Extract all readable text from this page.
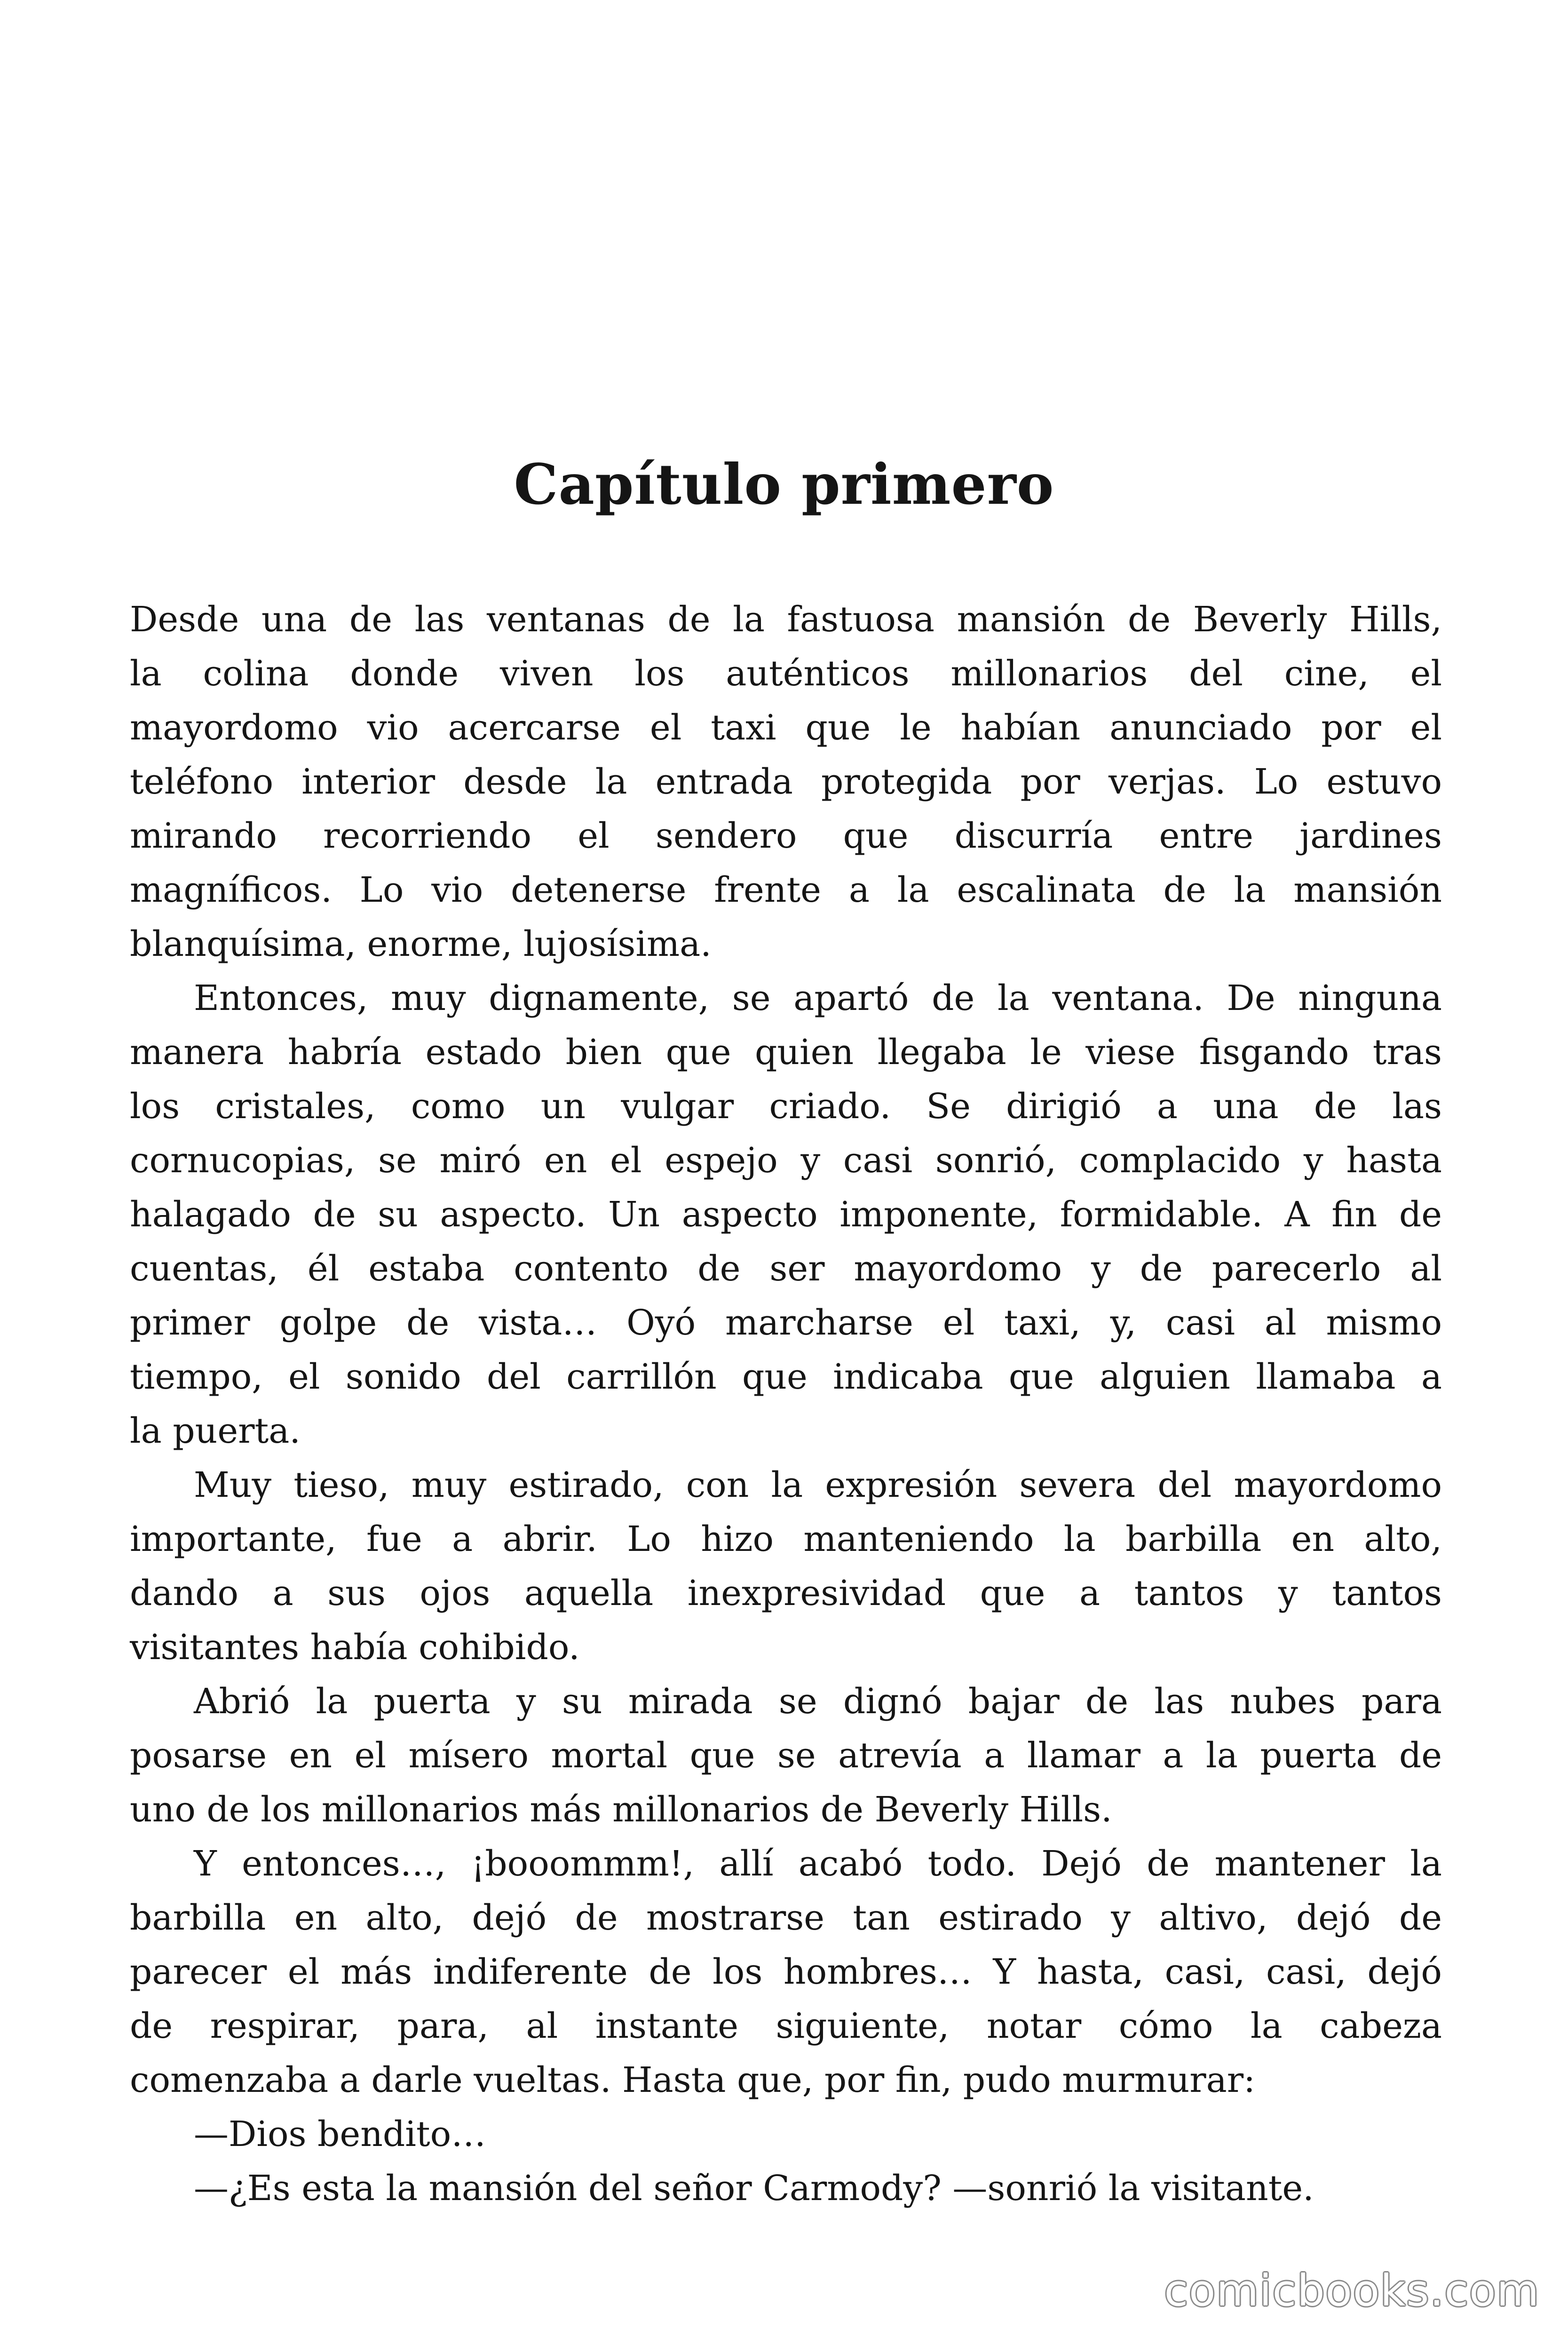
Capítulo primero
Desde una de las ventanas de la fastuosa mansión de Beverly Hills,
la colina donde viven los auténticos millonarios del cine, el
mayordomo vio acercarse el taxi que le habían anunciado por el
teléfono interior desde la entrada protegida por verjas. Lo estuvo
mirando recorriendo el sendero que discurría entre jardines
magníficos. Lo vio detenerse frente a la escalinata de la mansión
blanquísima, enorme, lujosísima.
Entonces, muy dignamente, se apartó de la ventana. De ninguna
manera habría estado bien que quien llegaba le viese fisgando tras
los cristales, como un vulgar criado. Se dirigió a una de las
cornucopias, se miró en el espejo y casi sonrió, complacido y hasta
halagado de su aspecto. Un aspecto imponente, formidable. A fin de
cuentas, él estaba contento de ser mayordomo y de parecerlo al
primer golpe de vista… Oyó marcharse el taxi, y, casi al mismo
tiempo, el sonido del carrillón que indicaba que alguien llamaba a
la puerta.
Muy tieso, muy estirado, con la expresión severa del mayordomo
importante, fue a abrir. Lo hizo manteniendo la barbilla en alto,
dando a sus ojos aquella inexpresividad que a tantos y tantos
visitantes había cohibido.
Abrió la puerta y su mirada se dignó bajar de las nubes para
posarse en el mísero mortal que se atrevía a llamar a la puerta de
uno de los millonarios más millonarios de Beverly Hills.
Y entonces…, ¡booommm!, allí acabó todo. Dejó de mantener la
barbilla en alto, dejó de mostrarse tan estirado y altivo, dejó de
parecer el más indiferente de los hombres… Y hasta, casi, casi, dejó
de respirar, para, al instante siguiente, notar cómo la cabeza
comenzaba a darle vueltas. Hasta que, por fin, pudo murmurar:
—Dios bendito…
—¿Es esta la mansión del señor Carmody? —sonrió la visitante.
comicbooks.com
